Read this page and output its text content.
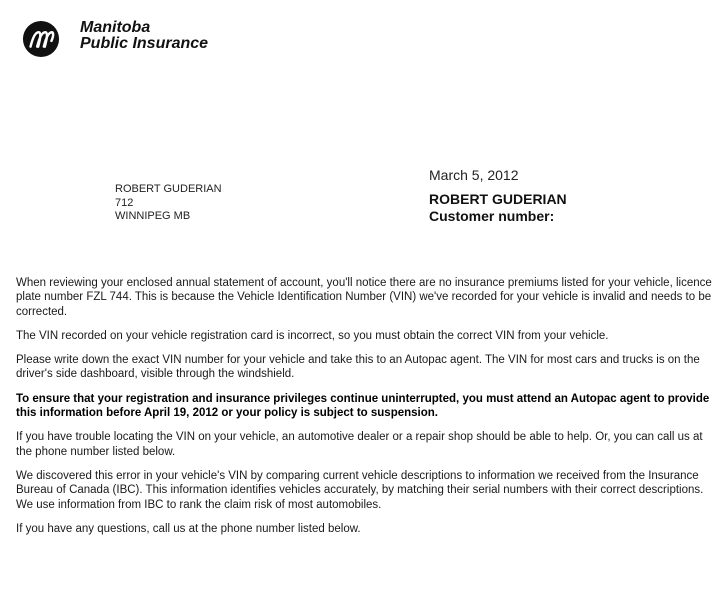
Manitoba
Public Insurance
ROBERT GUDERIAN
712
WINNIPEG MB
March 5, 2012
ROBERT GUDERIAN
Customer number:

When reviewing your enclosed annual statement of account, you'll notice there are no insurance premiums listed for your vehicle, licence plate number FZL 744. This is because the Vehicle Identification Number (VIN) we've recorded for your vehicle is invalid and needs to be corrected.

The VIN recorded on your vehicle registration card is incorrect, so you must obtain the correct VIN from your vehicle.

Please write down the exact VIN number for your vehicle and take this to an Autopac agent. The VIN for most cars and trucks is on the driver's side dashboard, visible through the windshield.

To ensure that your registration and insurance privileges continue uninterrupted, you must attend an Autopac agent to provide this information before April 19, 2012 or your policy is subject to suspension.

If you have trouble locating the VIN on your vehicle, an automotive dealer or a repair shop should be able to help. Or, you can call us at the phone number listed below.

We discovered this error in your vehicle's VIN by comparing current vehicle descriptions to information we received from the Insurance Bureau of Canada (IBC). This information identifies vehicles accurately, by matching their serial numbers with their correct descriptions. We use information from IBC to rank the claim risk of most automobiles.

If you have any questions, call us at the phone number listed below.
